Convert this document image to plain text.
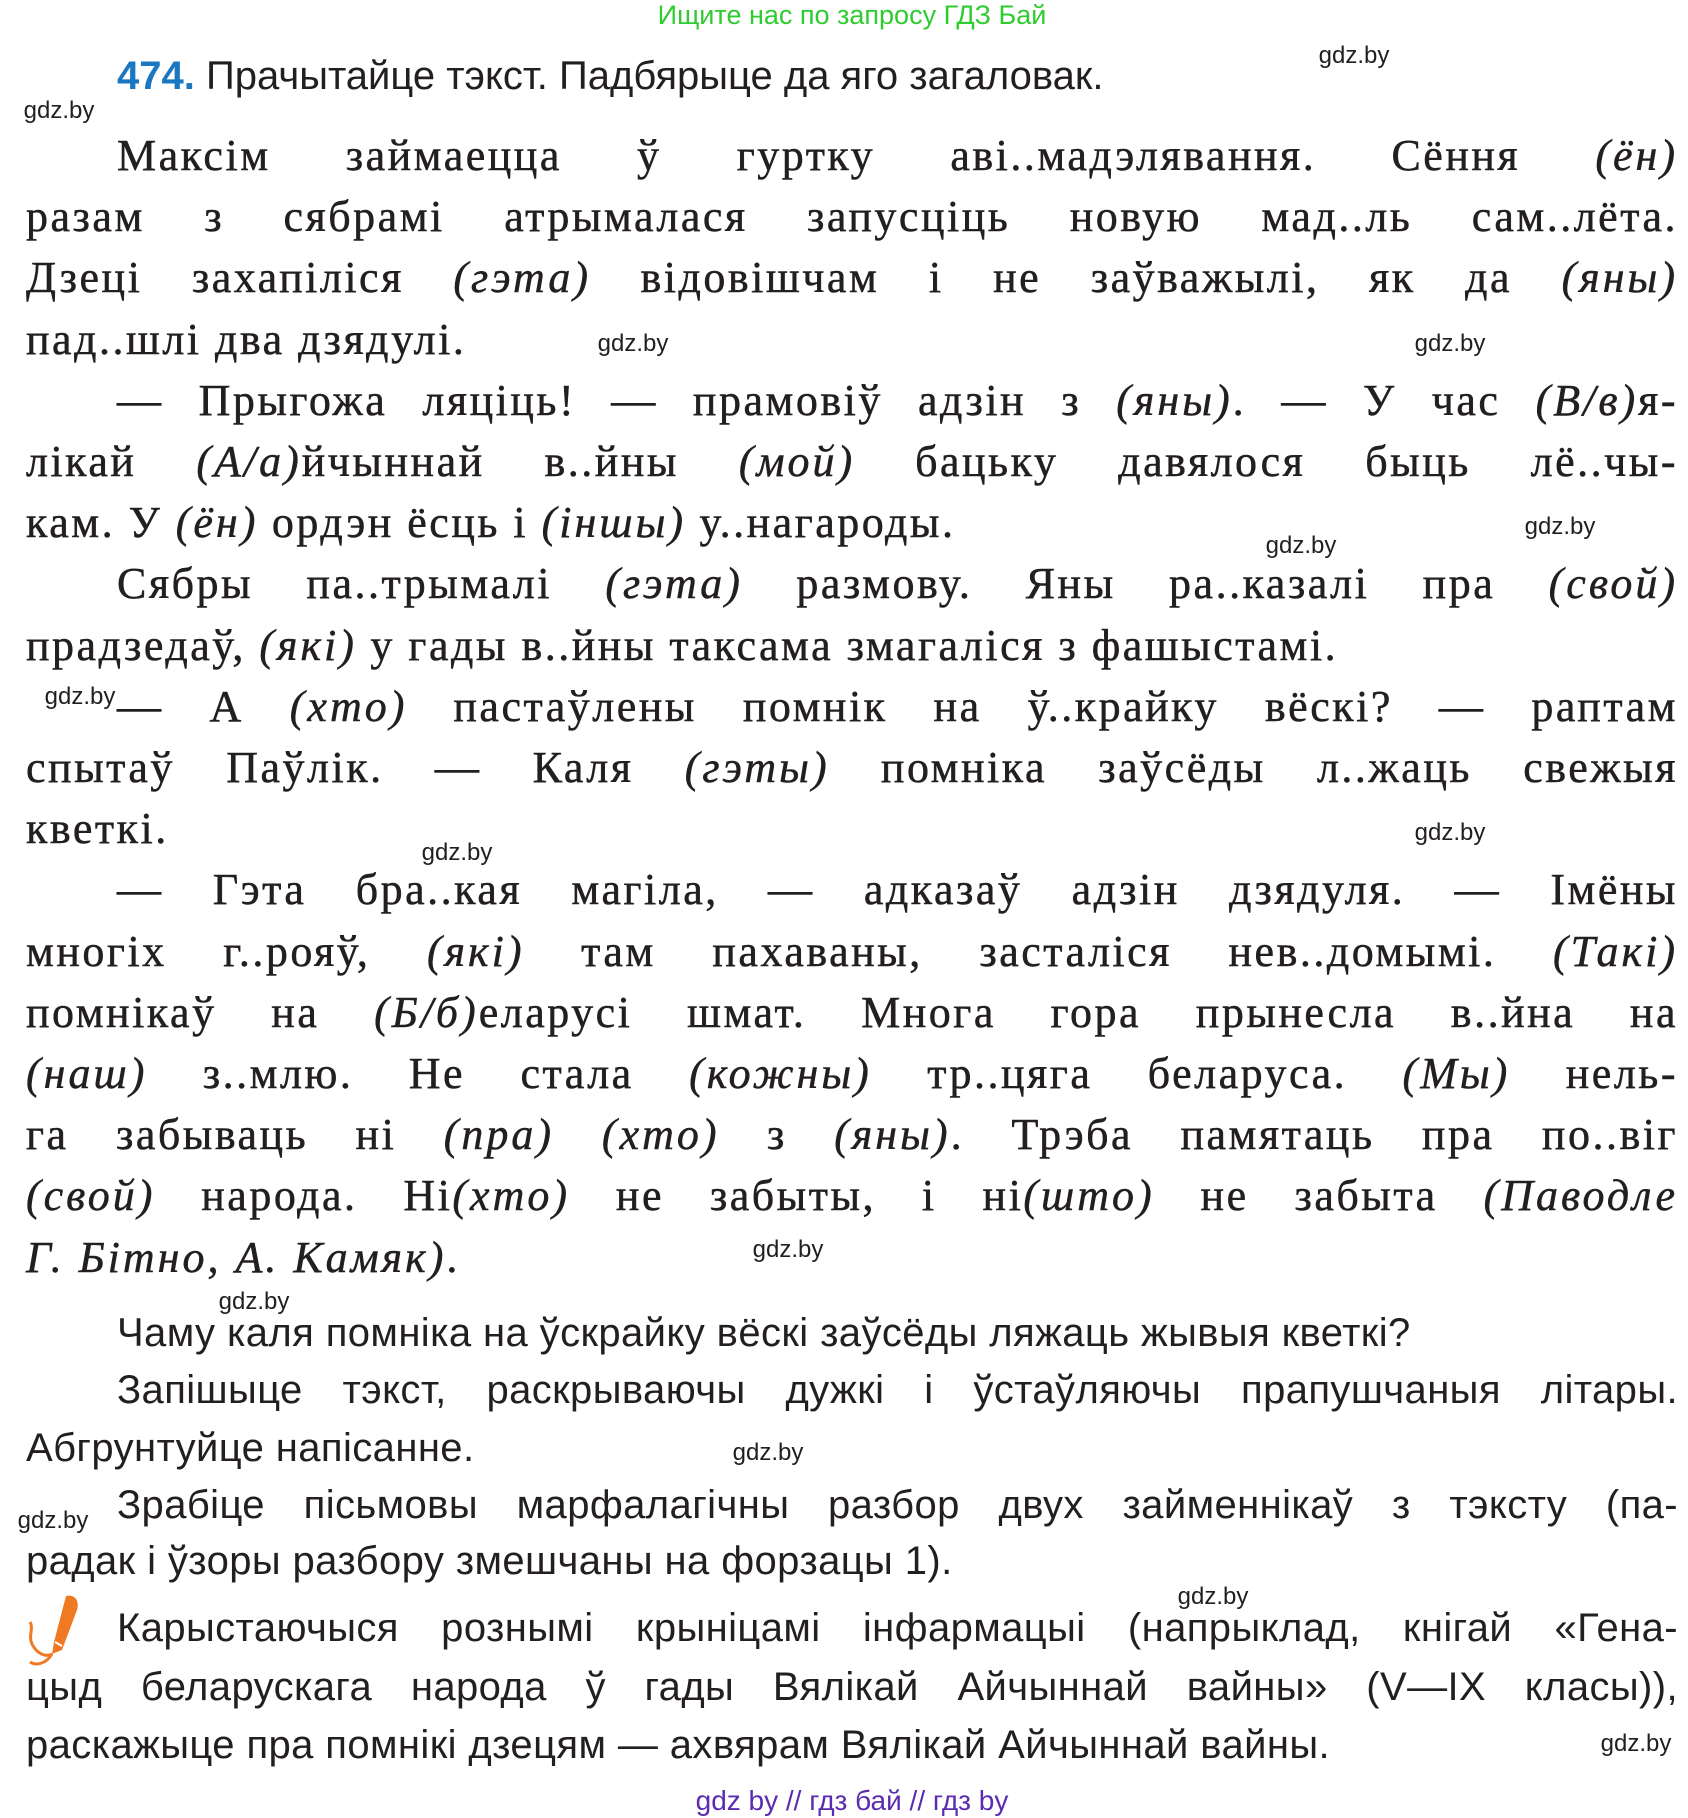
Ищите нас по запросу ГДЗ Бай
474. Прачытайце тэкст. Падбярыце да яго загаловак.
Максім займаецца ў гуртку аві..мадэлявання. Сёння (ён)
разам з сябрамі атрымалася запусціць новую мад..ль сам..лёта.
Дзеці захапіліся (гэта) відовішчам і не заўважылі, як да (яны)
пад..шлі два дзядулі.
— Прыгожа ляціць! — прамовіў адзін з (яны). — У час (В/в)я-
лікай (А/а)йчыннай в..йны (мой) бацьку давялося быць лё..чы-
кам. У (ён) ордэн ёсць і (іншы) у..нагароды.
Сябры па..трымалі (гэта) размову. Яны ра..казалі пра (свой)
прадзедаў, (які) у гады в..йны таксама змагаліся з фашыстамі.
— А (хто) пастаўлены помнік на ў..крайку вёскі? — раптам
спытаў Паўлік. — Каля (гэты) помніка заўсёды л..жаць свежыя
кветкі.
— Гэта бра..кая магіла, — адказаў адзін дзядуля. — Імёны
многіх г..рояў, (які) там пахаваны, засталіся нев..домымі. (Такі)
помнікаў на (Б/б)еларусі шмат. Многа гора прынесла в..йна на
(наш) з..млю. Не стала (кожны) тр..цяга беларуса. (Мы) нель-
га забываць ні (пра) (хто) з (яны). Трэба памятаць пра по..віг
(свой) народа. Ні(хто) не забыты, і ні(што) не забыта (Паводле
Г. Бітно, А. Камяк).
Чаму каля помніка на ўскрайку вёскі заўсёды ляжаць жывыя кветкі?
Запішыце тэкст, раскрываючы дужкі і ўстаўляючы прапушчаныя літары.
Абгрунтуйце напісанне.
Зрабіце пісьмовы марфалагічны разбор двух займеннікаў з тэксту (па-
радак і ўзоры разбору змешчаны на форзацы 1).
Карыстаючыся рознымі крыніцамі інфармацыі (напрыклад, кнігай «Гена-
цыд беларускага народа ў гады Вялікай Айчыннай вайны» (V—IX класы)),
раскажыце пра помнікі дзецям — ахвярам Вялікай Айчыннай вайны.
gdz.by
gdz.by
gdz.by
gdz.by
gdz.by
gdz.by
gdz.by
gdz.by
gdz.by
gdz.by
gdz.by
gdz.by
gdz.by
gdz.by
gdz.by
gdz by // гдз бай // гдз by
